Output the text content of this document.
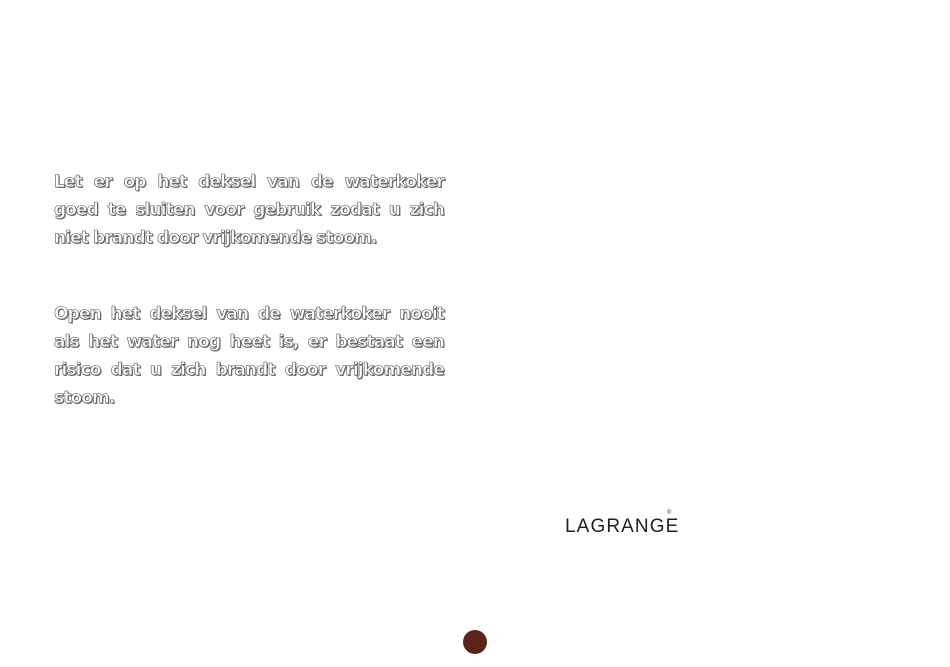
Let er op het deksel van de waterkoker goed te sluiten voor gebruik zodat u zich niet brandt door vrijkomende stoom.

Open het deksel van de waterkoker nooit als het water nog heet is, er bestaat een risico dat u zich brandt door vrijkomende stoom.

LAGRANGE
®
